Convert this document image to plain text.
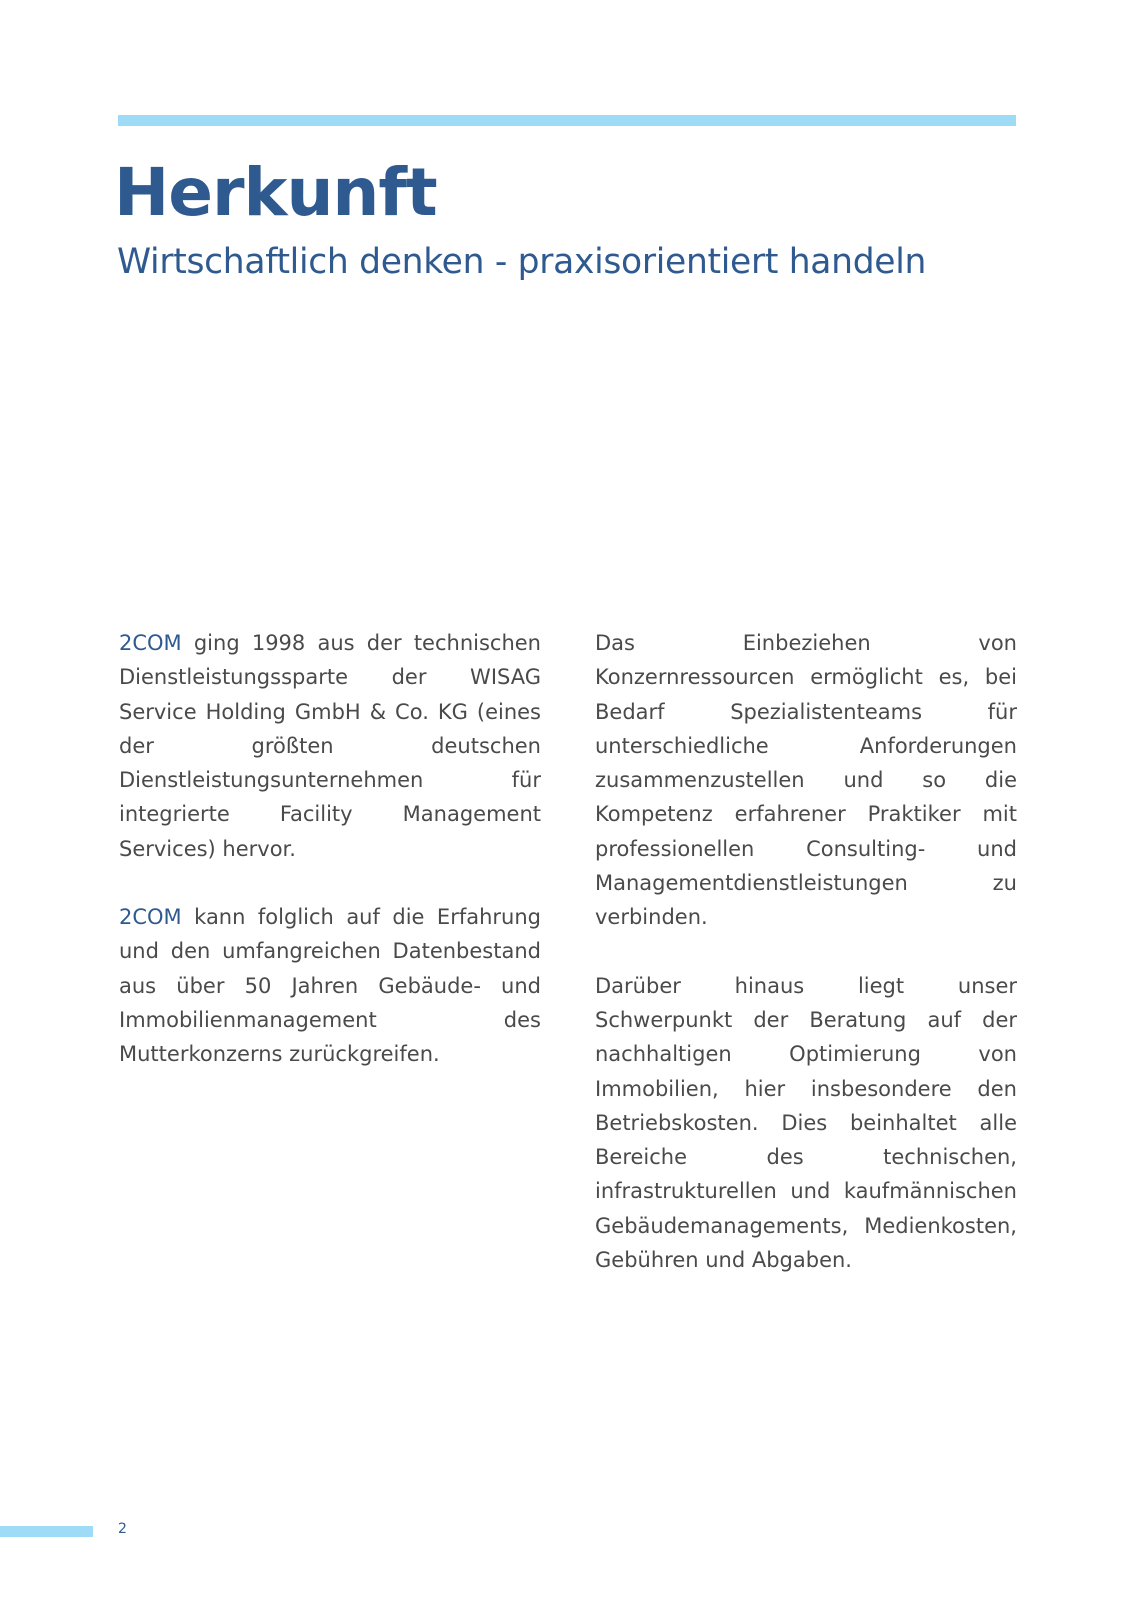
Herkunft
Wirtschaftlich denken - praxisorientiert handeln

2COM ging 1998 aus der technischen Dienstleistungssparte der WISAG Service Holding GmbH & Co. KG (eines der größten deutschen Dienstleistungsunternehmen für integrierte Facility Management Services) hervor.

2COM kann folglich auf die Erfahrung und den umfangreichen Datenbestand aus über 50 Jahren Gebäude- und Immobilienmanagement des Mutterkonzerns zurückgreifen.

Das Einbeziehen von Konzernressourcen ermöglicht es, bei Bedarf Spezialistenteams für unterschiedliche Anforderungen zusammenzustellen und so die Kompetenz erfahrener Praktiker mit professionellen Consulting- und Managementdienstleistungen zu verbinden.

Darüber hinaus liegt unser Schwerpunkt der Beratung auf der nachhaltigen Optimierung von Immobilien, hier insbesondere den Betriebskosten. Dies beinhaltet alle Bereiche des technischen, infrastrukturellen und kaufmännischen Gebäudemanagements, Medienkosten, Gebühren und Abgaben.

2
